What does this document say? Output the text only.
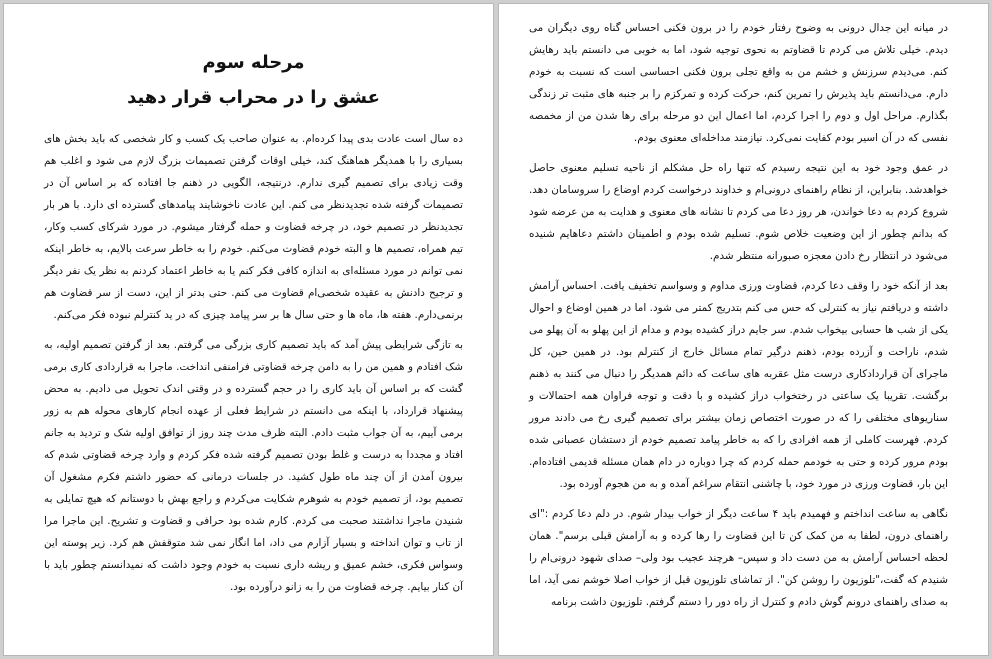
مرحله سوم
عشق را در محراب قرار دهید

ده سال است عادت بدی پیدا کرده‌ام. به عنوان صاحب یک کسب و کار شخصی که باید بخش های بسیاری را با همدیگر هماهنگ کند، خیلی اوقات گرفتن تصمیمات بزرگ لازم می شود و اغلب هم وقت زیادی برای تصمیم گیری ندارم. درنتیجه، الگویی در ذهنم جا افتاده که بر اساس آن در تصمیمات گرفته شده تجدیدنظر می کنم. این عادت ناخوشایند پیامدهای گسترده ای دارد. با هر بار تجدیدنظر در تصمیم خود، در چرخه قضاوت و حمله گرفتار میشوم. در مورد شرکای کسب وکار، تیم همراه، تصمیم ها و البته خودم قضاوت می‌کنم. خودم را به خاطر سرعت بالایم، به خاطر اینکه نمی توانم در مورد مسئله‌ای به اندازه کافی فکر کنم یا به خاطر اعتماد کردنم به نظر یک نفر دیگر و ترجیح دادنش به عقیده شخصی‌ام قضاوت می کنم. حتی بدتر از این، دست از سر قضاوت هم برنمی‌دارم. هفته ها، ماه ها و حتی سال ها بر سر پیامد چیزی که در ید کنترلم نبوده فکر می‌کنم.

به تازگی شرایطی پیش آمد که باید تصمیم کاری بزرگی می گرفتم. بعد از گرفتن تصمیم اولیه، به شک افتادم و همین من را به دامن چرخه قضاوتی فرامنفی انداخت. ماجرا به قراردادی کاری برمی گشت که بر اساس آن باید کاری را در حجم گسترده و در وقتی اندک تحویل می دادیم. به محض پیشنهاد قرارداد، با اینکه می دانستم در شرایط فعلی از عهده انجام کارهای محوله هم به زور برمی آییم، به آن جواب مثبت دادم. البته ظرف مدت چند روز از توافق اولیه شک و تردید به جانم افتاد و مجددا به درست و غلط بودن تصمیم گرفته شده فکر کردم و وارد چرخه قضاوتی شدم که بیرون آمدن از آن چند ماه طول کشید. در جلسات درمانی که حضور داشتم فکرم مشغول آن تصمیم بود، از تصمیم خودم به شوهرم شکایت می‌کردم و راجع بهش با دوستانم که هیچ تمایلی به شنیدن ماجرا نداشتند صحبت می کردم. کارم شده بود حرافی و قضاوت و تشریح. این ماجرا مرا از تاب و توان انداخته و بسیار آزارم می داد، اما انگار نمی شد متوقفش هم کرد. زیر پوسته این وسواس فکری، خشم عمیق و ریشه داری نسبت به خودم وجود داشت که نمیدانستم چطور باید با آن کنار بیایم. چرخه قضاوت من را به زانو درآورده بود.

در میانه این جدال درونی به وضوح رفتار خودم را در برون فکنی احساس گناه روی دیگران می دیدم. خیلی تلاش می کردم تا قضاوتم به نحوی توجیه شود، اما به خوبی می دانستم باید رهایش کنم. می‌دیدم سرزنش و خشم من به واقع تجلی برون فکنی احساسی است که نسبت به خودم دارم. می‌دانستم باید پذیرش را تمرین کنم، حرکت کرده و تمرکزم را بر جنبه های مثبت تر زندگی بگذارم. مراحل اول و دوم را اجرا کردم، اما اعمال این دو مرحله برای رها شدن من از مخمصه نفسی که در آن اسیر بودم کفایت نمی‌کرد. نیازمند مداخله‌ای معنوی بودم.

در عمق وجود خود به این نتیجه رسیدم که تنها راه حل مشکلم از ناحیه تسلیم معنوی حاصل خواهدشد. بنابراین، از نظام راهنمای درونی‌ام و خداوند درخواست کردم اوضاع را سروسامان دهد. شروع کردم به دعا خواندن، هر روز دعا می کردم تا نشانه های معنوی و هدایت به من عرضه شود که بدانم چطور از این وضعیت خلاص شوم. تسلیم شده بودم و اطمینان داشتم دعاهایم شنیده می‌شود در انتظار رخ دادن معجزه صبورانه منتظر شدم.

بعد از آنکه خود را وقف دعا کردم، قضاوت ورزی مداوم و وسواسم تخفیف یافت. احساس آرامش داشته و دریافتم نیاز به کنترلی که حس می کنم بتدریج کمتر می شود. اما در همین اوضاع و احوال یکی از شب ها حسابی بیخواب شدم. سر جایم دراز کشیده بودم و مدام از این پهلو به آن پهلو می شدم، ناراحت و آزرده بودم، ذهنم درگیر تمام مسائل خارج از کنترلم بود. در همین حین، کل ماجرای آن قراردادکاری درست مثل عقربه های ساعت که دائم همدیگر را دنبال می کنند به ذهنم برگشت. تقریبا یک ساعتی در رختخواب دراز کشیده و با دقت و توجه فراوان همه احتمالات و سناریوهای مختلفی را که در صورت اختصاص زمان بیشتر برای تصمیم گیری رخ می دادند مرور کردم. فهرست کاملی از همه افرادی را که به خاطر پیامد تصمیم خودم از دستشان عصبانی شده بودم مرور کرده و حتی به خودمم حمله کردم که چرا دوباره در دام همان مسئله قدیمی افتاده‌ام. این بار، قضاوت ورزی در مورد خود، با چاشنی انتقام سراغم آمده و به من هجوم آورده بود.

نگاهی به ساعت انداختم و فهمیدم باید ۴ ساعت دیگر از خواب بیدار شوم. در دلم دعا کردم :"ای راهنمای درون، لطفا به من کمک کن تا این قضاوت را رها کرده و به آرامش قبلی برسم". همان لحظه احساس آرامش به من دست داد و سپس– هرچند عجیب بود ولی– صدای شهود درونی‌ام را شنیدم که گفت،"تلوزیون را روشن کن". از تماشای تلوزیون قبل از خواب اصلا خوشم نمی آید، اما به صدای راهنمای درونم گوش دادم و کنترل از راه دور را دستم گرفتم. تلوزیون داشت برنامه
